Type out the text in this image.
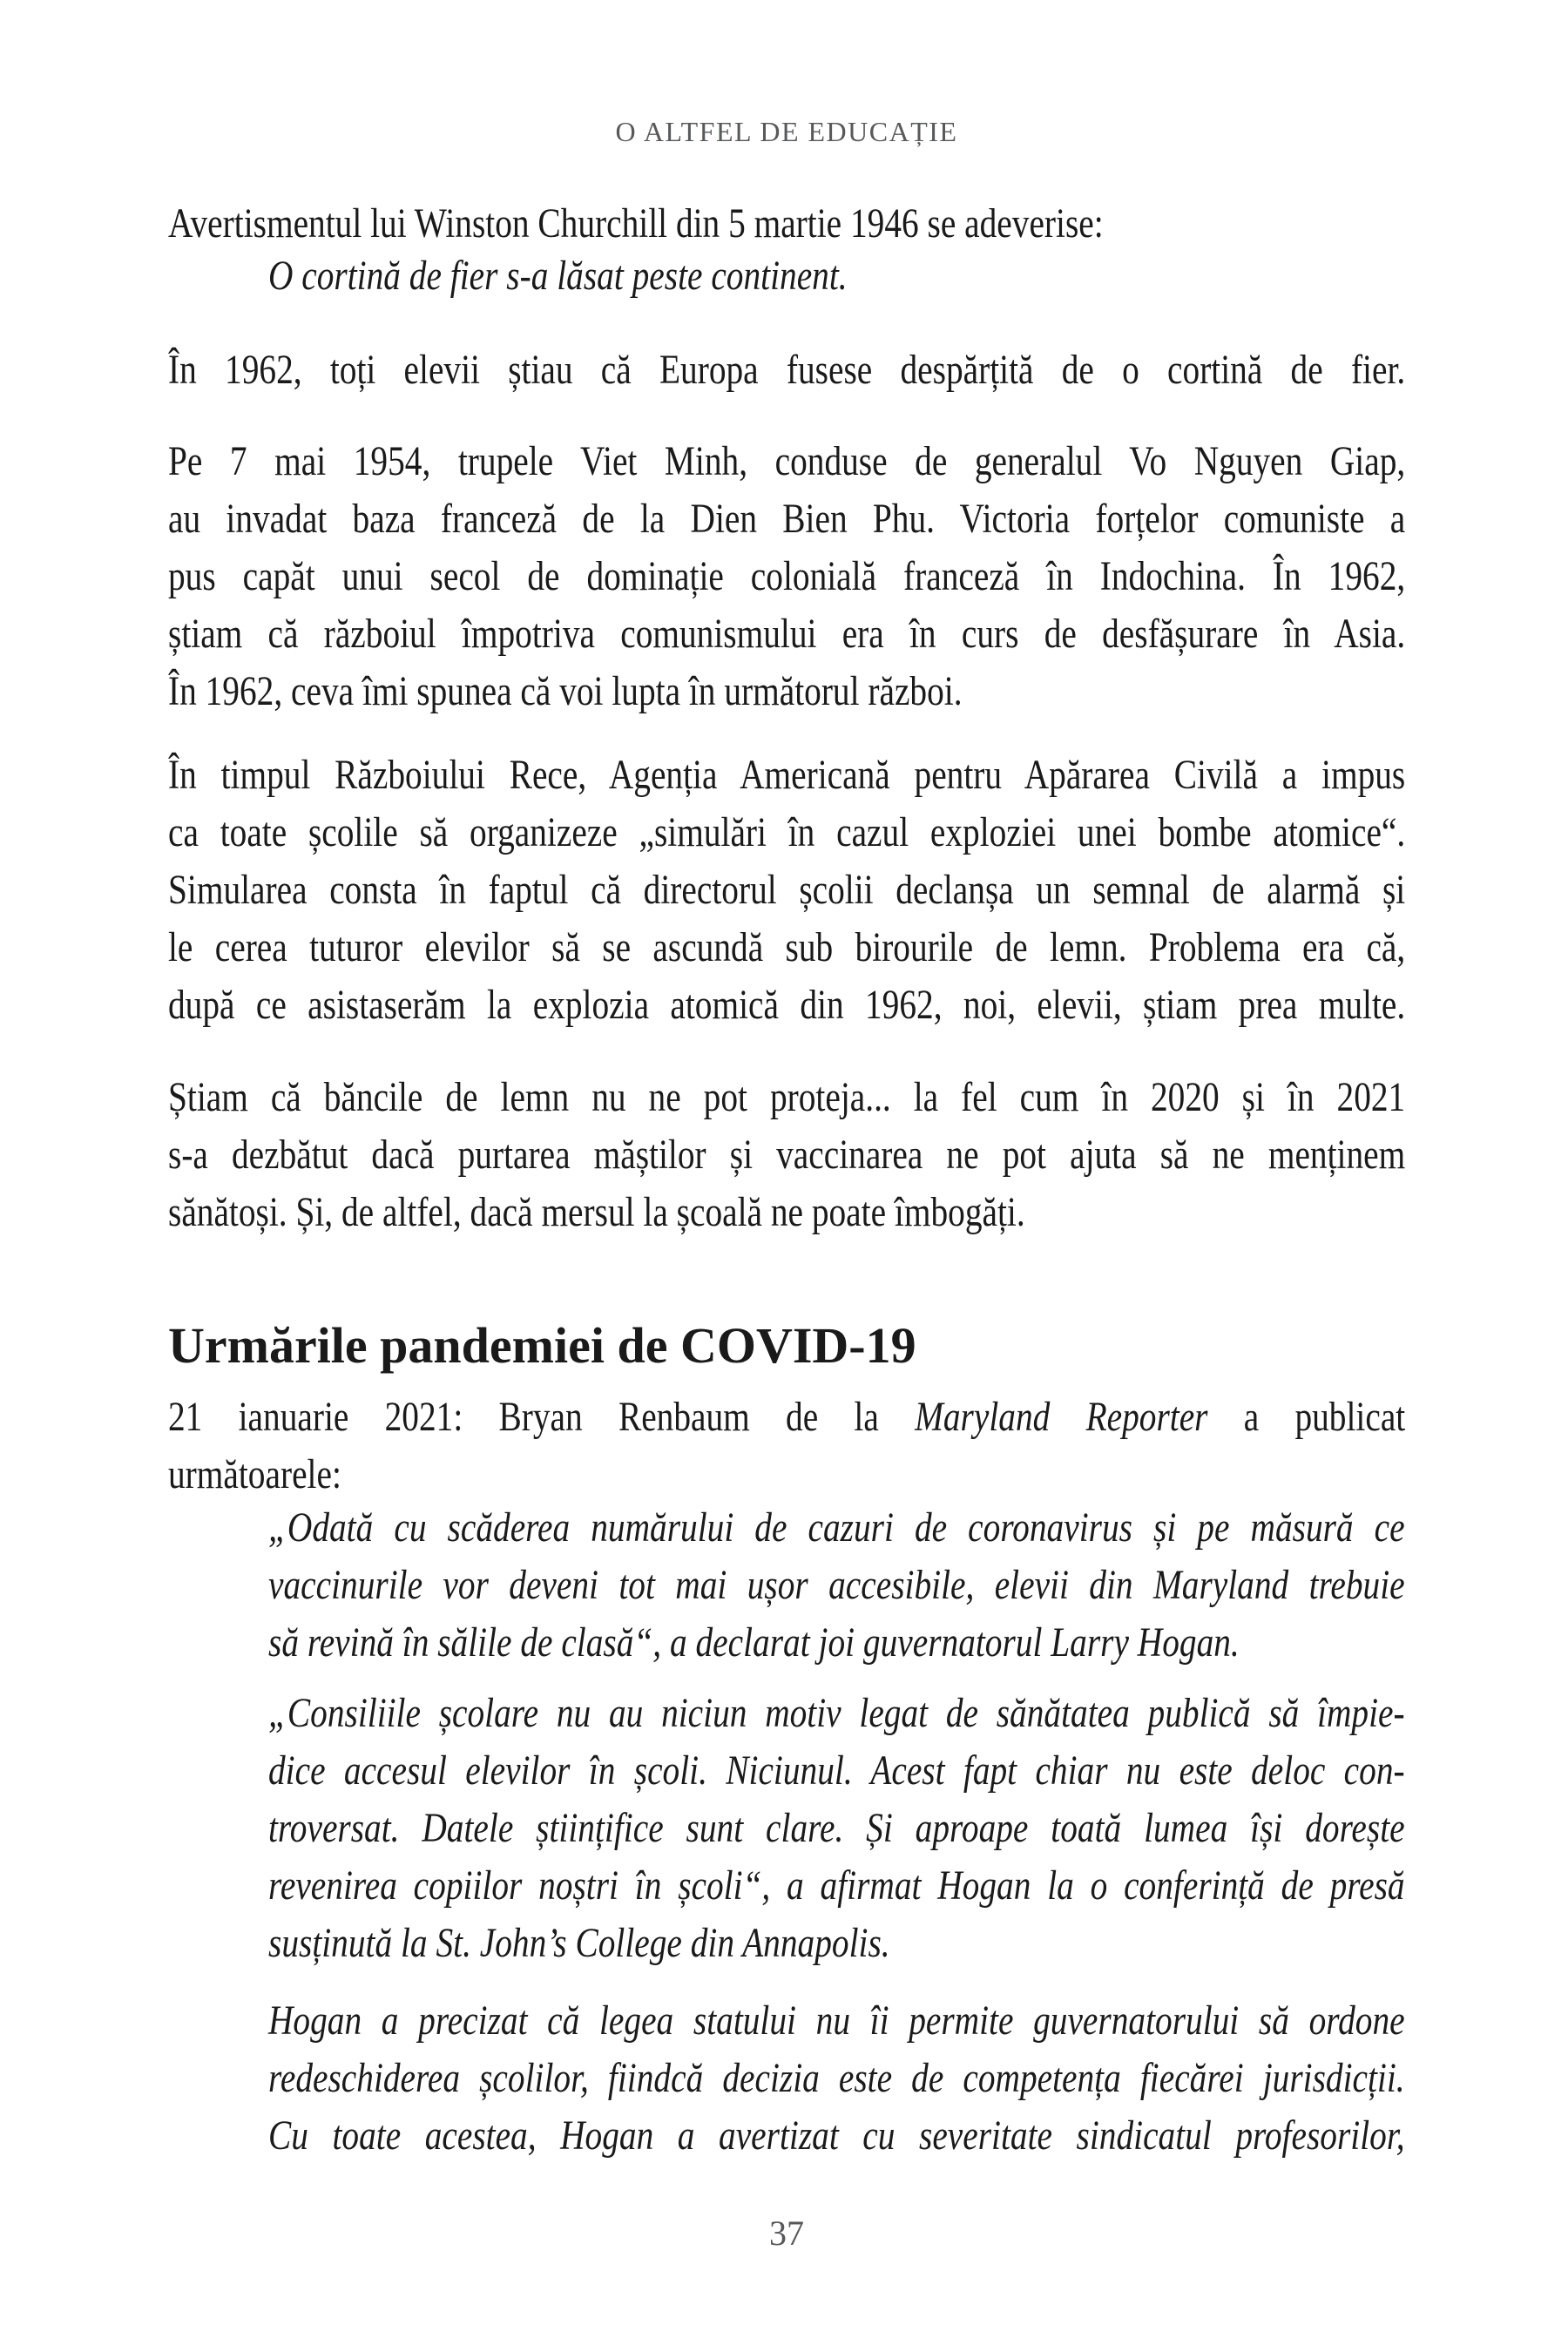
O ALTFEL DE EDUCAȚIE
Avertismentul lui Winston Churchill din 5 martie 1946 se adeverise:
O cortină de fier s-a lăsat peste continent.
În 1962, toți elevii știau că Europa fusese despărțită de o cortină de fier.
Pe 7 mai 1954, trupele Viet Minh, conduse de generalul Vo Nguyen Giap,
au invadat baza franceză de la Dien Bien Phu. Victoria forțelor comuniste a
pus capăt unui secol de dominație colonială franceză în Indochina. În 1962,
știam că războiul împotriva comunismului era în curs de desfășurare în Asia.
În 1962, ceva îmi spunea că voi lupta în următorul război.
În timpul Războiului Rece, Agenția Americană pentru Apărarea Civilă a impus
ca toate școlile să organizeze „simulări în cazul exploziei unei bombe atomice“.
Simularea consta în faptul că directorul școlii declanșa un semnal de alarmă și
le cerea tuturor elevilor să se ascundă sub birourile de lemn. Problema era că,
după ce asistaserăm la explozia atomică din 1962, noi, elevii, știam prea multe.
Știam că băncile de lemn nu ne pot proteja... la fel cum în 2020 și în 2021
s-a dezbătut dacă purtarea măștilor și vaccinarea ne pot ajuta să ne menținem
sănătoși. Și, de altfel, dacă mersul la școală ne poate îmbogăți.
Urmările pandemiei de COVID-19
21 ianuarie 2021: Bryan Renbaum de la Maryland Reporter a publicat
următoarele:
„Odată cu scăderea numărului de cazuri de coronavirus și pe măsură ce
vaccinurile vor deveni tot mai ușor accesibile, elevii din Maryland trebuie
să revină în sălile de clasă“, a declarat joi guvernatorul Larry Hogan.
„Consiliile școlare nu au niciun motiv legat de sănătatea publică să împie-
dice accesul elevilor în școli. Niciunul. Acest fapt chiar nu este deloc con-
troversat. Datele științifice sunt clare. Și aproape toată lumea își dorește
revenirea copiilor noștri în școli“, a afirmat Hogan la o conferință de presă
susținută la St. John’s College din Annapolis.
Hogan a precizat că legea statului nu îi permite guvernatorului să ordone
redeschiderea școlilor, fiindcă decizia este de competența fiecărei jurisdicții.
Cu toate acestea, Hogan a avertizat cu severitate sindicatul profesorilor,
37
